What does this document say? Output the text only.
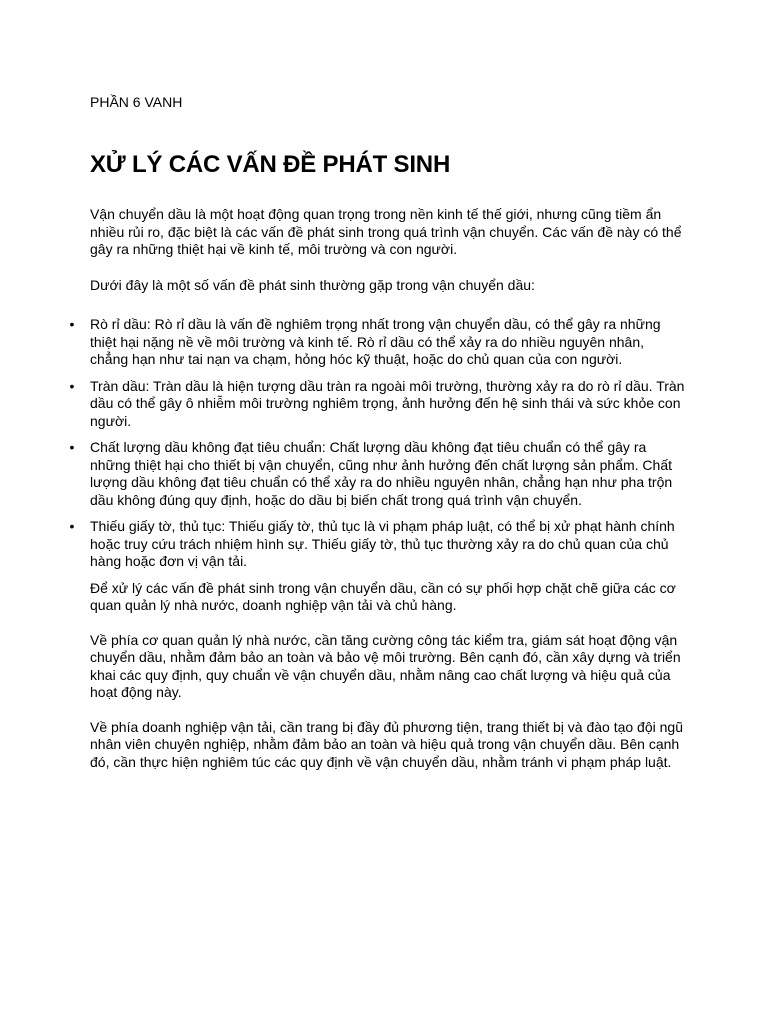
PHẦN 6 VANH

XỬ LÝ CÁC VẤN ĐỀ PHÁT SINH

Vận chuyển dầu là một hoạt động quan trọng trong nền kinh tế thế giới, nhưng cũng tiềm ẩn nhiều rủi ro, đặc biệt là các vấn đề phát sinh trong quá trình vận chuyển. Các vấn đề này có thể gây ra những thiệt hại về kinh tế, môi trường và con người.

Dưới đây là một số vấn đề phát sinh thường gặp trong vận chuyển dầu:

• Rò rỉ dầu: Rò rỉ dầu là vấn đề nghiêm trọng nhất trong vận chuyển dầu, có thể gây ra những thiệt hại nặng nề về môi trường và kinh tế. Rò rỉ dầu có thể xảy ra do nhiều nguyên nhân, chẳng hạn như tai nạn va chạm, hỏng hóc kỹ thuật, hoặc do chủ quan của con người.
• Tràn dầu: Tràn dầu là hiện tượng dầu tràn ra ngoài môi trường, thường xảy ra do rò rỉ dầu. Tràn dầu có thể gây ô nhiễm môi trường nghiêm trọng, ảnh hưởng đến hệ sinh thái và sức khỏe con người.
• Chất lượng dầu không đạt tiêu chuẩn: Chất lượng dầu không đạt tiêu chuẩn có thể gây ra những thiệt hại cho thiết bị vận chuyển, cũng như ảnh hưởng đến chất lượng sản phẩm. Chất lượng dầu không đạt tiêu chuẩn có thể xảy ra do nhiều nguyên nhân, chẳng hạn như pha trộn dầu không đúng quy định, hoặc do dầu bị biến chất trong quá trình vận chuyển.
• Thiếu giấy tờ, thủ tục: Thiếu giấy tờ, thủ tục là vi phạm pháp luật, có thể bị xử phạt hành chính hoặc truy cứu trách nhiệm hình sự. Thiếu giấy tờ, thủ tục thường xảy ra do chủ quan của chủ hàng hoặc đơn vị vận tải.

Để xử lý các vấn đề phát sinh trong vận chuyển dầu, cần có sự phối hợp chặt chẽ giữa các cơ quan quản lý nhà nước, doanh nghiệp vận tải và chủ hàng.

Về phía cơ quan quản lý nhà nước, cần tăng cường công tác kiểm tra, giám sát hoạt động vận chuyển dầu, nhằm đảm bảo an toàn và bảo vệ môi trường. Bên cạnh đó, cần xây dựng và triển khai các quy định, quy chuẩn về vận chuyển dầu, nhằm nâng cao chất lượng và hiệu quả của hoạt động này.

Về phía doanh nghiệp vận tải, cần trang bị đầy đủ phương tiện, trang thiết bị và đào tạo đội ngũ nhân viên chuyên nghiệp, nhằm đảm bảo an toàn và hiệu quả trong vận chuyển dầu. Bên cạnh đó, cần thực hiện nghiêm túc các quy định về vận chuyển dầu, nhằm tránh vi phạm pháp luật.
